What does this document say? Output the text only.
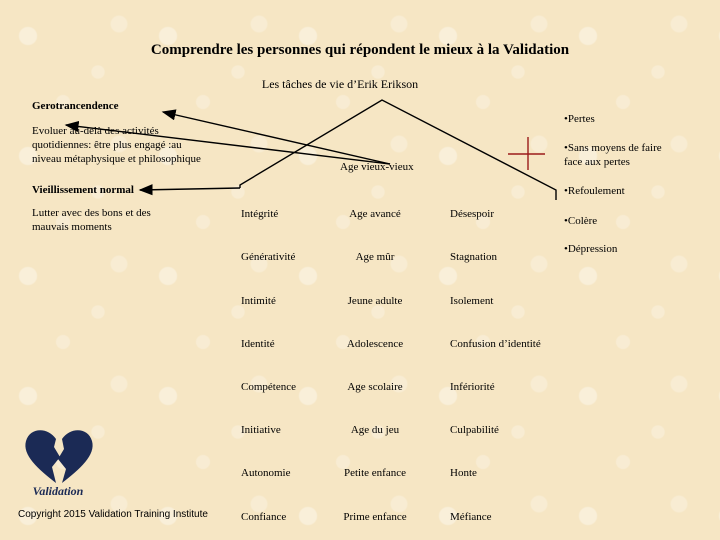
Comprendre les personnes qui répondent le mieux à la Validation
Les tâches de vie d’Erik Erikson
Gerotrancendence
Evoluer au-delà des activités
quotidiennes: être plus engagé :au
niveau métaphysique et philosophique
Vieillissement normal
Lutter avec des bons et des
mauvais moments
Age vieux-vieux
•Pertes
•Sans moyens de faire
face aux pertes
•Refoulement
•Colère
•Dépression
Intégrité	Age avancé	Désespoir
Générativité	Age mûr	Stagnation
Intimité	Jeune adulte	Isolement
Identité	Adolescence	Confusion d’identité
Compétence	Age scolaire	Infériorité
Initiative	Age du jeu	Culpabilité
Autonomie	Petite enfance	Honte
Confiance	Prime enfance	Méfiance
Validation
Copyright 2015 Validation Training Institute
